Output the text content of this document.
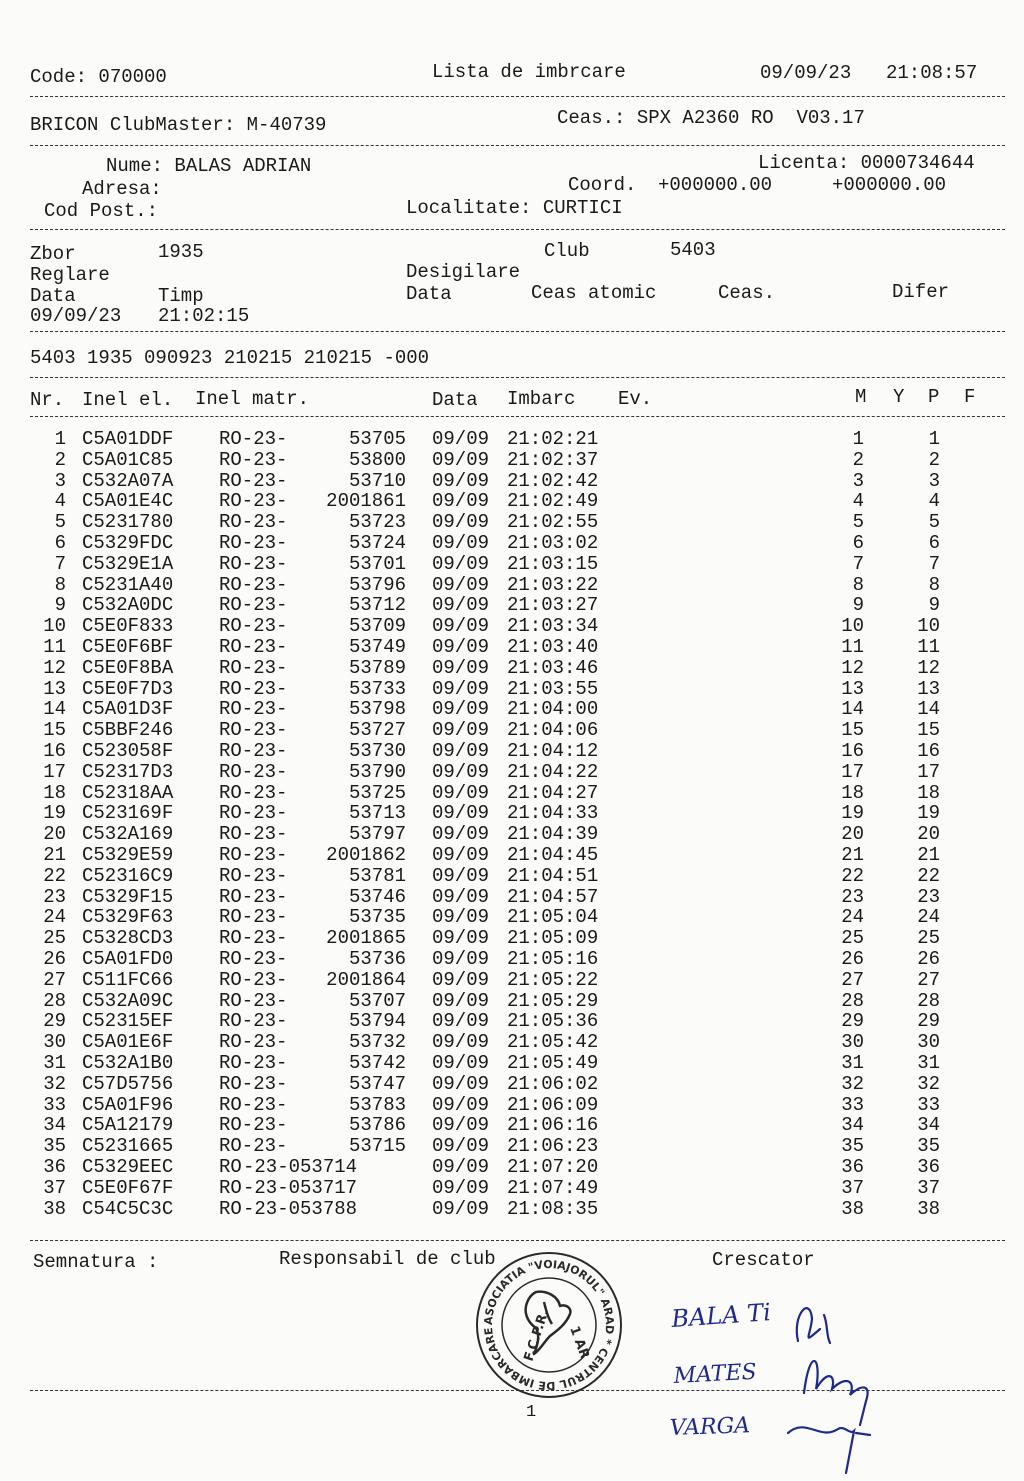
Code: 070000	Lista de imbrcare	09/09/23 21:08:57
BRICON ClubMaster: M-40739	Ceas.: SPX A2360 RO  V03.17
Nume: BALAS ADRIAN	Licenta: 0000734644
Adresa:	Coord. +000000.00	+000000.00
Cod Post.:	Localitate: CURTICI
Zbor	1935	Club	5403
Reglare	Desigilare
Data	Timp	Data	Ceas atomic	Ceas.	Difer
09/09/23 21:02:15
5403 1935 090923 210215 210215 -000
Nr. Inel el. Inel matr.	Data Imbarc Ev.	M Y P F
1 C5A01DDF RO-23-	53705 09/09 21:02:21	1	1
2 C5A01C85 RO-23-	53800 09/09 21:02:37	2	2
3 C532A07A RO-23-	53710 09/09 21:02:42	3	3
4 C5A01E4C RO-23- 2001861 09/09 21:02:49	4	4
5 C5231780 RO-23-	53723 09/09 21:02:55	5	5
6 C5329FDC RO-23-	53724 09/09 21:03:02	6	6
7 C5329E1A RO-23-	53701 09/09 21:03:15	7	7
8 C5231A40 RO-23-	53796 09/09 21:03:22	8	8
9 C532A0DC RO-23-	53712 09/09 21:03:27	9	9
10 C5E0F833 RO-23-	53709 09/09 21:03:34	10	10
11 C5E0F6BF RO-23-	53749 09/09 21:03:40	11	11
12 C5E0F8BA RO-23-	53789 09/09 21:03:46	12	12
13 C5E0F7D3 RO-23-	53733 09/09 21:03:55	13	13
14 C5A01D3F RO-23-	53798 09/09 21:04:00	14	14
15 C5BBF246 RO-23-	53727 09/09 21:04:06	15	15
16 C523058F RO-23-	53730 09/09 21:04:12	16	16
17 C52317D3 RO-23-	53790 09/09 21:04:22	17	17
18 C52318AA RO-23-	53725 09/09 21:04:27	18	18
19 C523169F RO-23-	53713 09/09 21:04:33	19	19
20 C532A169 RO-23-	53797 09/09 21:04:39	20	20
21 C5329E59 RO-23- 2001862 09/09 21:04:45	21	21
22 C52316C9 RO-23-	53781 09/09 21:04:51	22	22
23 C5329F15 RO-23-	53746 09/09 21:04:57	23	23
24 C5329F63 RO-23-	53735 09/09 21:05:04	24	24
25 C5328CD3 RO-23- 2001865 09/09 21:05:09	25	25
26 C5A01FD0 RO-23-	53736 09/09 21:05:16	26	26
27 C511FC66 RO-23- 2001864 09/09 21:05:22	27	27
28 C532A09C RO-23-	53707 09/09 21:05:29	28	28
29 C52315EF RO-23-	53794 09/09 21:05:36	29	29
30 C5A01E6F RO-23-	53732 09/09 21:05:42	30	30
31 C532A1B0 RO-23-	53742 09/09 21:05:49	31	31
32 C57D5756 RO-23-	53747 09/09 21:06:02	32	32
33 C5A01F96 RO-23-	53783 09/09 21:06:09	33	33
34 C5A12179 RO-23-	53786 09/09 21:06:16	34	34
35 C5231665 RO-23-	53715 09/09 21:06:23	35	35
36 C5329EEC RO -23-053714	09/09 21:07:20	36	36
37 C5E0F67F RO -23-053717	09/09 21:07:49	37	37
38 C54C5C3C RO -23-053788	09/09 21:08:35	38	38
Semnatura :	Responsabil de club	Crescator
1
ASOCIATIA "VOIAJORUL" ARAD * CENTRUL DE IMBARCARE	F.C.P.R. 1 AR
BALA Ti
MATES
VARGA
